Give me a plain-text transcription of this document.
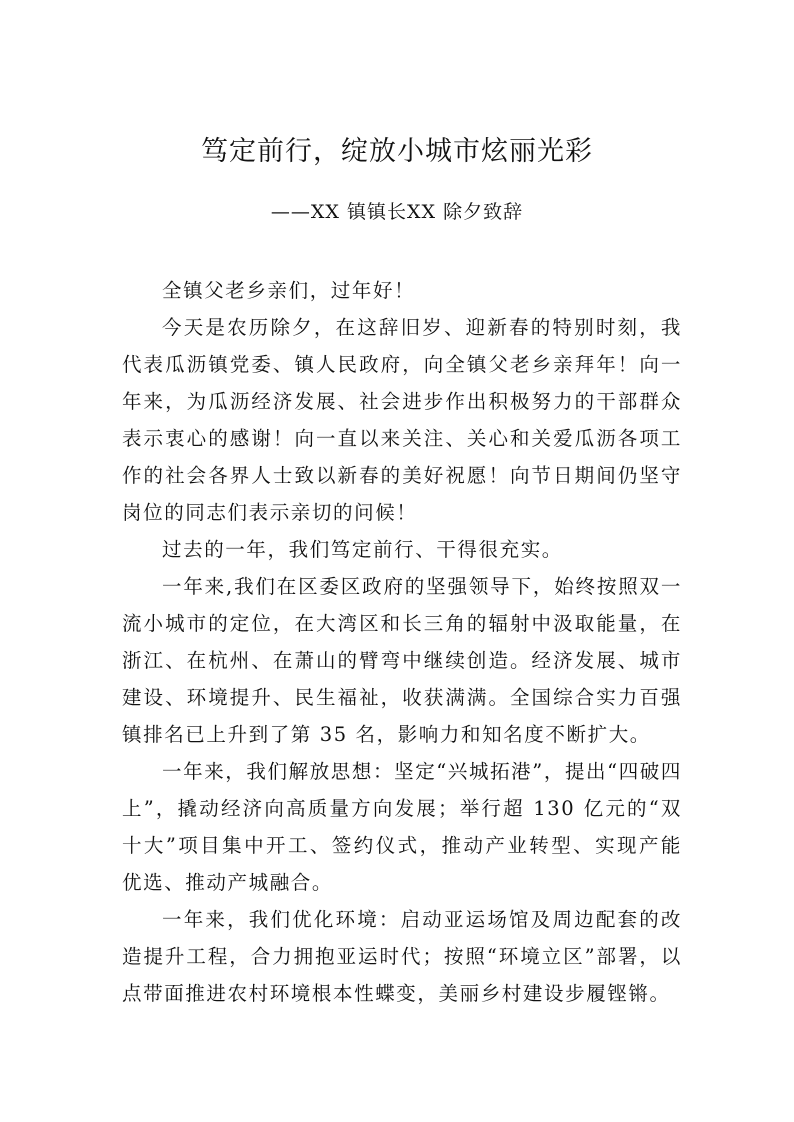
笃定前行，绽放小城市炫丽光彩
——XX 镇镇长XX 除夕致辞

全镇父老乡亲们，过年好！

今天是农历除夕，在这辞旧岁、迎新春的特别时刻，我代表瓜沥镇党委、镇人民政府，向全镇父老乡亲拜年！向一年来，为瓜沥经济发展、社会进步作出积极努力的干部群众表示衷心的感谢！向一直以来关注、关心和关爱瓜沥各项工作的社会各界人士致以新春的美好祝愿！向节日期间仍坚守岗位的同志们表示亲切的问候！

过去的一年，我们笃定前行、干得很充实。

一年来,我们在区委区政府的坚强领导下，始终按照双一流小城市的定位，在大湾区和长三角的辐射中汲取能量，在浙江、在杭州、在萧山的臂弯中继续创造。经济发展、城市建设、环境提升、民生福祉，收获满满。全国综合实力百强镇排名已上升到了第 35 名，影响力和知名度不断扩大。

一年来，我们解放思想：坚定“兴城拓港”，提出“四破四上”，撬动经济向高质量方向发展；举行超 130 亿元的“双十大”项目集中开工、签约仪式，推动产业转型、实现产能优选、推动产城融合。

一年来，我们优化环境：启动亚运场馆及周边配套的改造提升工程，合力拥抱亚运时代；按照“环境立区”部署，以点带面推进农村环境根本性蝶变，美丽乡村建设步履铿锵。
